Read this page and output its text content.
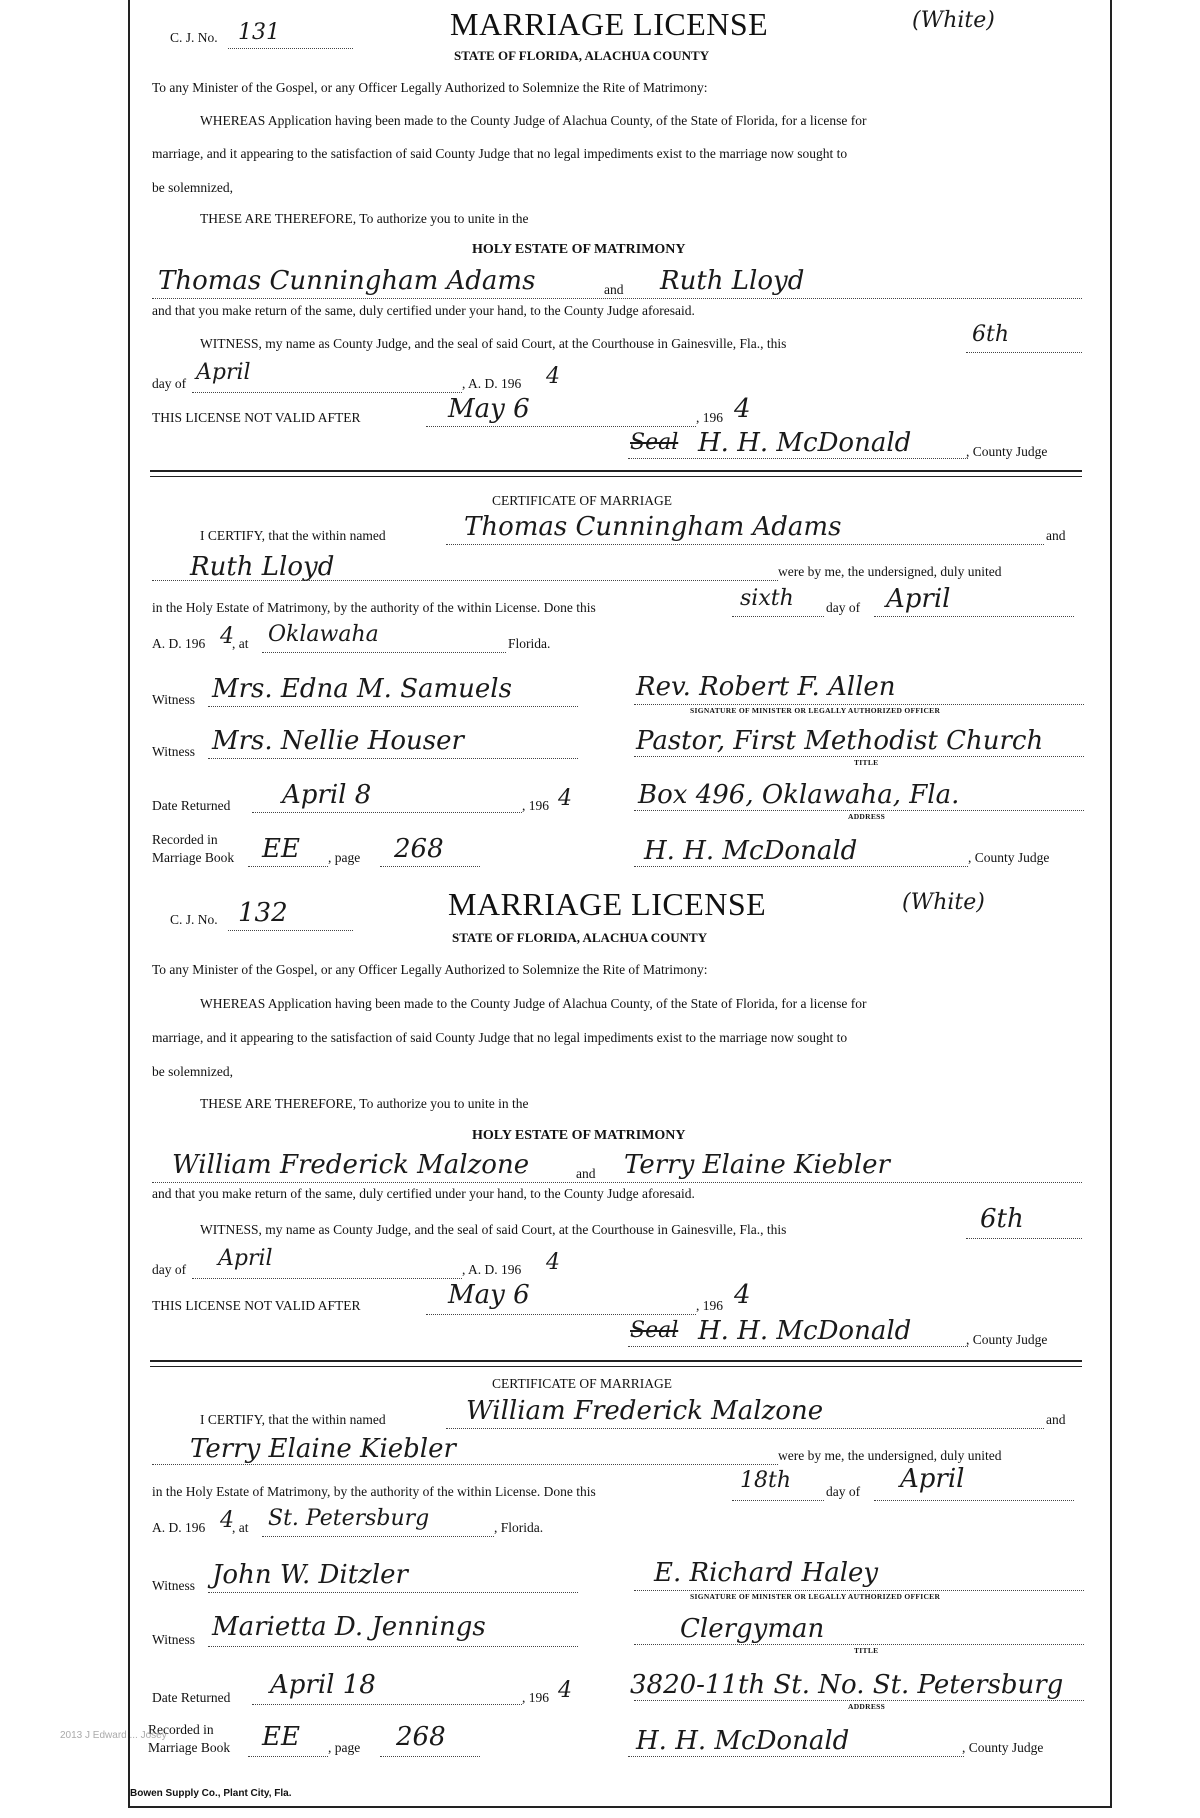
C. J. No. 131	MARRIAGE LICENSE	(White)
STATE OF FLORIDA, ALACHUA COUNTY
To any Minister of the Gospel, or any Officer Legally Authorized to Solemnize the Rite of Matrimony:
WHEREAS Application having been made to the County Judge of Alachua County, of the State of Florida, for a license for
marriage, and it appearing to the satisfaction of said County Judge that no legal impediments exist to the marriage now sought to
be solemnized,
THESE ARE THEREFORE, To authorize you to unite in the
HOLY ESTATE OF MATRIMONY
Thomas Cunningham Adams	and Ruth Lloyd
and that you make return of the same, duly certified under your hand, to the County Judge aforesaid.
WITNESS, my name as County Judge, and the seal of said Court, at the Courthouse in Gainesville, Fla., this	6th
day of April	, A. D. 196 4
THIS LICENSE NOT VALID AFTER	May 6	, 196 4
Seal H. H. McDonald	, County Judge
CERTIFICATE OF MARRIAGE
I CERTIFY, that the within named	Thomas Cunningham Adams	and
Ruth Lloyd	were by me, the undersigned, duly united
in the Holy Estate of Matrimony, by the authority of the within License. Done this	sixth day of April
A. D. 196 4
, at Oklawaha	Florida.
Witness Mrs. Edna M. Samuels	Rev. Robert F. Allen
SIGNATURE OF MINISTER OR LEGALLY AUTHORIZED OFFICER
Witness Mrs. Nellie Houser	Pastor, First Methodist Church
TITLE
Date Returned April 8	, 196 4	Box 496, Oklawaha, Fla.
ADDRESS
Recorded in
Marriage Book EE , page 268	H. H. McDonald	, County Judge
C. J. No. 132	MARRIAGE LICENSE	(White)
STATE OF FLORIDA, ALACHUA COUNTY
To any Minister of the Gospel, or any Officer Legally Authorized to Solemnize the Rite of Matrimony:
WHEREAS Application having been made to the County Judge of Alachua County, of the State of Florida, for a license for
marriage, and it appearing to the satisfaction of said County Judge that no legal impediments exist to the marriage now sought to
be solemnized,
THESE ARE THEREFORE, To authorize you to unite in the
HOLY ESTATE OF MATRIMONY
William Frederick Malzone	and Terry Elaine Kiebler
and that you make return of the same, duly certified under your hand, to the County Judge aforesaid.
WITNESS, my name as County Judge, and the seal of said Court, at the Courthouse in Gainesville, Fla., this	6th
day of April	, A. D. 196 4
THIS LICENSE NOT VALID AFTER	May 6	, 196 4
Seal H. H. McDonald	, County Judge
CERTIFICATE OF MARRIAGE
I CERTIFY, that the within named	William Frederick Malzone	and
Terry Elaine Kiebler	were by me, the undersigned, duly united
in the Holy Estate of Matrimony, by the authority of the within License. Done this	18th	day of April
A. D. 196 4
, at St. Petersburg	, Florida.
Witness John W. Ditzler	E. Richard Haley
SIGNATURE OF MINISTER OR LEGALLY AUTHORIZED OFFICER
Witness Marietta D. Jennings	Clergyman
TITLE
Date Returned April 18	, 196 4 3820-11th St. No. St. Petersburg
ADDRESS
Recorded in
Marriage Book EE , page 268	H. H. McDonald	, County Judge
Bowen Supply Co., Plant City, Fla.
2013 J Edward ... Josey
